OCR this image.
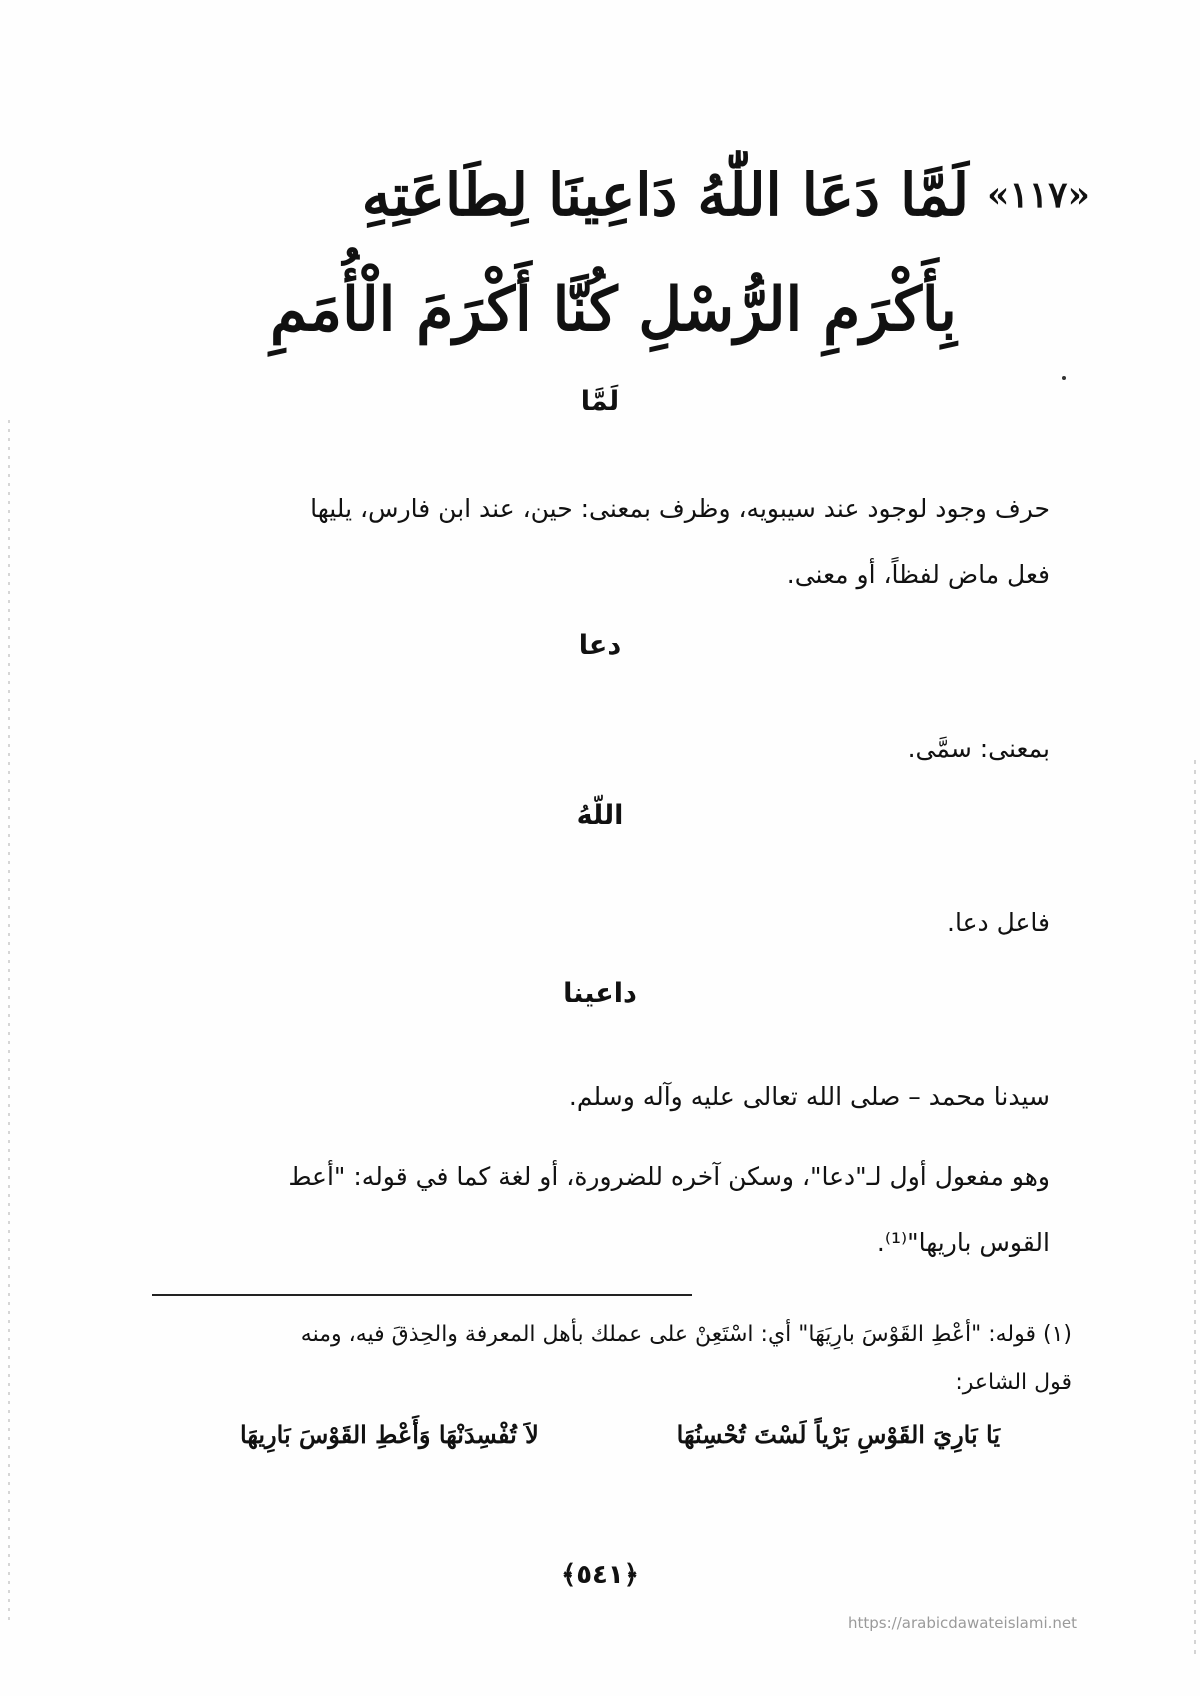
«١١٧»
لَمَّا دَعَا اللّٰهُ دَاعِينَا لِطَاعَتِهِ
بِأَكْرَمِ الرُّسْلِ كُنَّا أَكْرَمَ الْأُمَمِ
لَمَّا
حرف وجود لوجود عند سيبويه، وظرف بمعنى: حين، عند ابن فارس، يليها
فعل ماض لفظاً، أو معنى.
دعا
بمعنى: سمَّى.
اللّهُ
فاعل دعا.
داعينا
سيدنا محمد – صلى الله تعالى عليه وآله وسلم.
وهو مفعول أول لـ"دعا"، وسكن آخره للضرورة، أو لغة كما في قوله: "أعط
القوس باريها"⁽¹⁾.
(١) قوله: "أعْطِ القَوْسَ بارِيَهَا" أي: اسْتَعِنْ على عملك بأهل المعرفة والحِذقَ فيه، ومنه
قول الشاعر:
يَا بَارِيَ القَوْسِ بَرْياً لَسْتَ تُحْسِنُهَا
لاَ تُفْسِدَنْهَا وَأَعْطِ القَوْسَ بَارِيهَا
﴿٥٤١﴾
https://arabicdawateislami.net
